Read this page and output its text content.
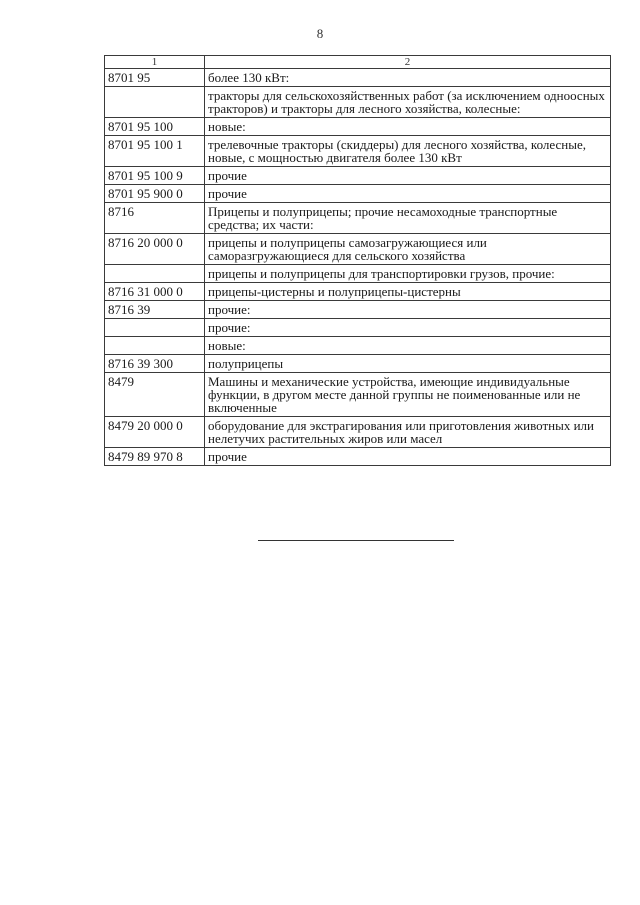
8
1	2
8701 95	более 130 кВт:
	тракторы для сельскохозяйственных работ (за исключением одноосных тракторов) и тракторы для лесного хозяйства, колесные:
8701 95 100	новые:
8701 95 100 1	трелевочные тракторы (скиддеры) для лесного хозяйства, колесные, новые, с мощностью двигателя более 130 кВт
8701 95 100 9	прочие
8701 95 900 0	прочие
8716	Прицепы и полуприцепы; прочие несамоходные транспортные средства; их части:
8716 20 000 0	прицепы и полуприцепы самозагружающиеся или саморазгружающиеся для сельского хозяйства
	прицепы и полуприцепы для транспортировки грузов, прочие:
8716 31 000 0	прицепы-цистерны и полуприцепы-цистерны
8716 39	прочие:
	прочие:
	новые:
8716 39 300	полуприцепы
8479	Машины и механические устройства, имеющие индивидуальные функции, в другом месте данной группы не поименованные или не включенные
8479 20 000 0	оборудование для экстрагирования или приготовления животных или нелетучих растительных жиров или масел
8479 89 970 8	прочие
